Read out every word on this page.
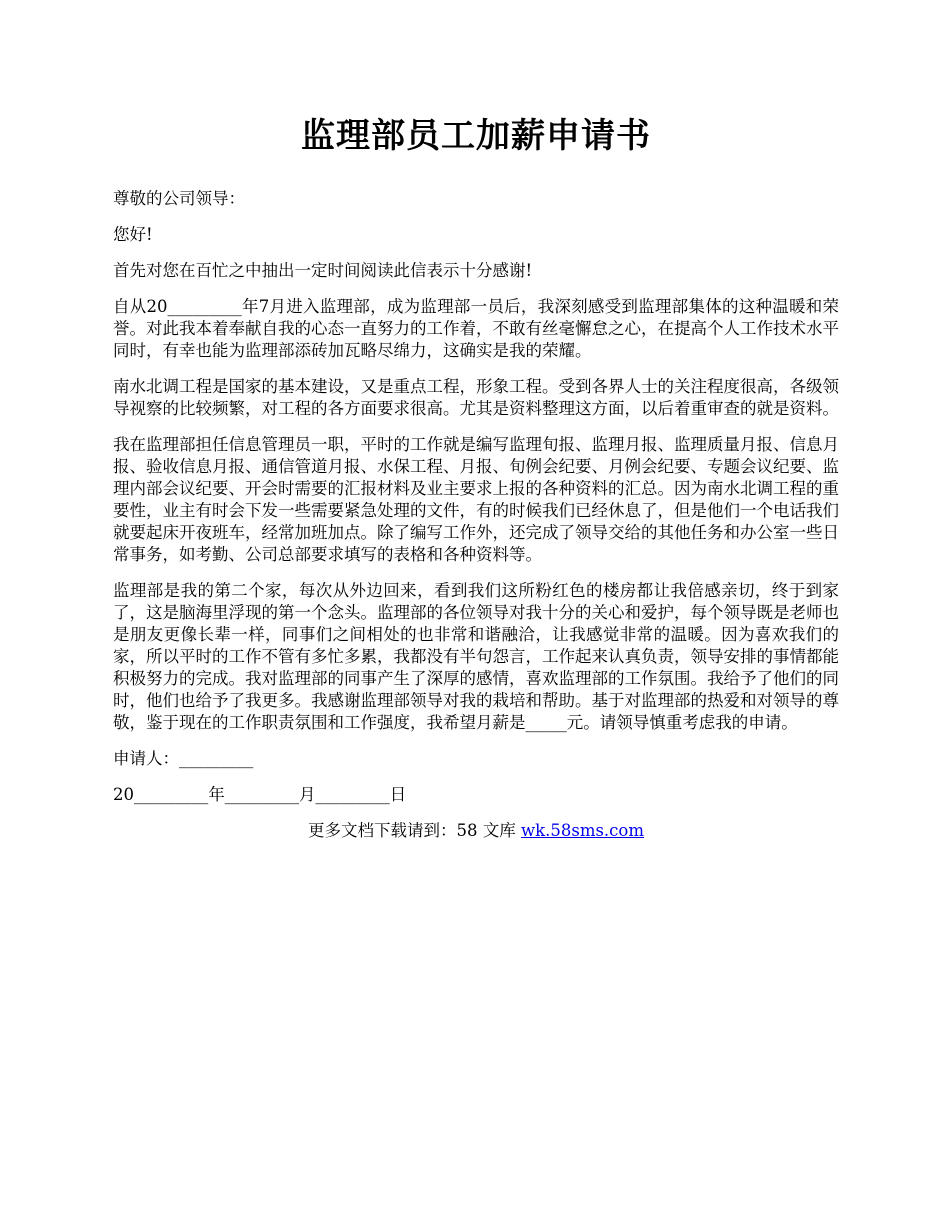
监理部员工加薪申请书

尊敬的公司领导：

您好!

首先对您在百忙之中抽出一定时间阅读此信表示十分感谢!

自从20_________年7月进入监理部，成为监理部一员后，我深刻感受到监理部集体的这种温暖和荣誉。对此我本着奉献自我的心态一直努力的工作着，不敢有丝毫懈怠之心，在提高个人工作技术水平同时，有幸也能为监理部添砖加瓦略尽绵力，这确实是我的荣耀。

南水北调工程是国家的基本建设，又是重点工程，形象工程。受到各界人士的关注程度很高，各级领导视察的比较频繁，对工程的各方面要求很高。尤其是资料整理这方面，以后着重审查的就是资料。

我在监理部担任信息管理员一职，平时的工作就是编写监理旬报、监理月报、监理质量月报、信息月报、验收信息月报、通信管道月报、水保工程、月报、旬例会纪要、月例会纪要、专题会议纪要、监理内部会议纪要、开会时需要的汇报材料及业主要求上报的各种资料的汇总。因为南水北调工程的重要性，业主有时会下发一些需要紧急处理的文件，有的时候我们已经休息了，但是他们一个电话我们就要起床开夜班车，经常加班加点。除了编写工作外，还完成了领导交给的其他任务和办公室一些日常事务，如考勤、公司总部要求填写的表格和各种资料等。

监理部是我的第二个家，每次从外边回来，看到我们这所粉红色的楼房都让我倍感亲切，终于到家了，这是脑海里浮现的第一个念头。监理部的各位领导对我十分的关心和爱护，每个领导既是老师也是朋友更像长辈一样，同事们之间相处的也非常和谐融洽，让我感觉非常的温暖。因为喜欢我们的家，所以平时的工作不管有多忙多累，我都没有半句怨言，工作起来认真负责，领导安排的事情都能积极努力的完成。我对监理部的同事产生了深厚的感情，喜欢监理部的工作氛围。我给予了他们的同时，他们也给予了我更多。我感谢监理部领导对我的栽培和帮助。基于对监理部的热爱和对领导的尊敬，鉴于现在的工作职责氛围和工作强度，我希望月薪是_____元。请领导慎重考虑我的申请。

申请人：_________

20_________年_________月_________日

更多文档下载请到：58 文库 wk.58sms.com
